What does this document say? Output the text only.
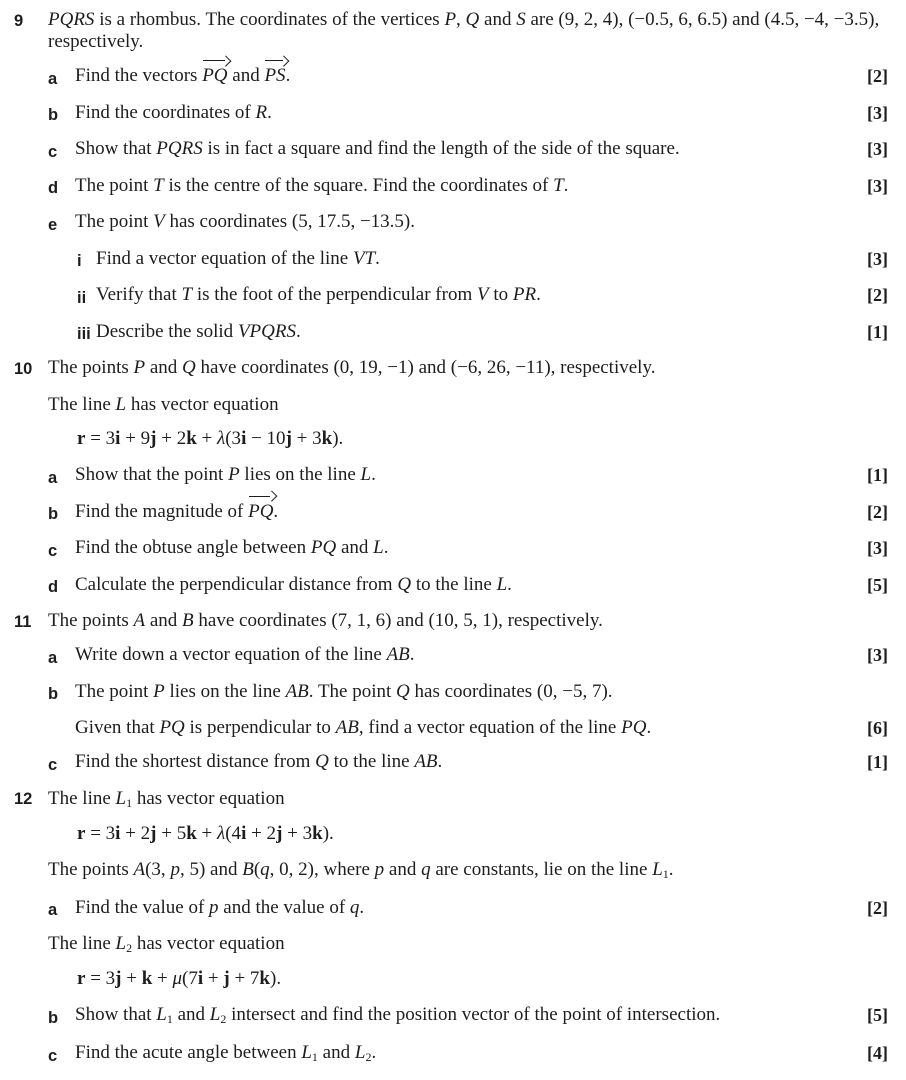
9	PQRS is a rhombus. The coordinates of the vertices P, Q and S are (9, 2, 4), (−0.5, 6, 6.5) and (4.5, −4, −3.5),
respectively.
a Find the vectors PQ and PS.	[2]
b Find the coordinates of R.	[3]
c Show that PQRS is in fact a square and find the length of the side of the square.	[3]
d The point T is the centre of the square. Find the coordinates of T.	[3]
e The point V has coordinates (5, 17.5, −13.5).
i Find a vector equation of the line VT.	[3]
ii Verify that T is the foot of the perpendicular from V to PR.	[2]
iii Describe the solid VPQRS.	[1]
10 The points P and Q have coordinates (0, 19, −1) and (−6, 26, −11), respectively.
The line L has vector equation
r = 3i + 9j + 2k + λ(3i − 10j + 3k).
a Show that the point P lies on the line L.	[1]
b Find the magnitude of PQ.	[2]
c Find the obtuse angle between PQ and L.	[3]
d Calculate the perpendicular distance from Q to the line L.	[5]
11 The points A and B have coordinates (7, 1, 6) and (10, 5, 1), respectively.
a Write down a vector equation of the line AB.	[3]
b The point P lies on the line AB. The point Q has coordinates (0, −5, 7).
Given that PQ is perpendicular to AB, find a vector equation of the line PQ.	[6]
c Find the shortest distance from Q to the line AB.	[1]
12 The line L1 has vector equation
r = 3i + 2j + 5k + λ(4i + 2j + 3k).
The points A(3, p, 5) and B(q, 0, 2), where p and q are constants, lie on the line L1.
a Find the value of p and the value of q.	[2]
The line L2 has vector equation
r = 3j + k + μ(7i + j + 7k).
b Show that L1 and L2 intersect and find the position vector of the point of intersection.	[5]
c Find the acute angle between L1 and L2.	[4]
